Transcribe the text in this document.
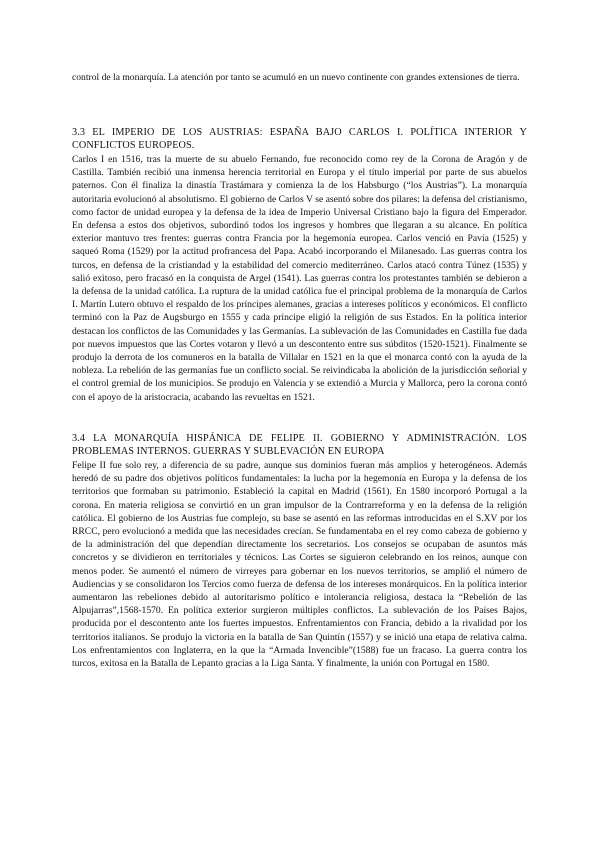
control de la monarquía. La atención por tanto se acumuló en un nuevo continente con grandes extensiones de tierra.

3.3 EL IMPERIO DE LOS AUSTRIAS: ESPAÑA BAJO CARLOS I. POLÍTICA INTERIOR Y CONFLICTOS EUROPEOS.

Carlos I en 1516, tras la muerte de su abuelo Fernando, fue reconocido como rey de la Corona de Aragón y de Castilla. También recibió una inmensa herencia territorial en Europa y el título imperial por parte de sus abuelos paternos. Con él finaliza la dinastía Trastámara y comienza la de los Habsburgo (“los Austrias”). La monarquía autoritaria evolucionó al absolutismo. El gobierno de Carlos V se asentó sobre dos pilares: la defensa del cristianismo, como factor de unidad europea y la defensa de la idea de Imperio Universal Cristiano bajo la figura del Emperador. En defensa a estos dos objetivos, subordinó todos los ingresos y hombres que llegaran a su alcance. En política exterior mantuvo tres frentes: guerras contra Francia por la hegemonía europea. Carlos venció en Pavía (1525) y saqueó Roma (1529) por la actitud profrancesa del Papa. Acabó incorporando el Milanesado. Las guerras contra los turcos, en defensa de la cristiandad y la estabilidad del comercio mediterráneo. Carlos atacó contra Túnez (1535) y salió exitoso, pero fracasó en la conquista de Argel (1541). Las guerras contra los protestantes también se debieron a la defensa de la unidad católica. La ruptura de la unidad católica fue el principal problema de la monarquía de Carlos I. Martín Lutero obtuvo el respaldo de los príncipes alemanes, gracias a intereses políticos y económicos. El conflicto terminó con la Paz de Augsburgo en 1555 y cada príncipe eligió la religión de sus Estados. En la política interior destacan los conflictos de las Comunidades y las Germanías. La sublevación de las Comunidades en Castilla fue dada por nuevos impuestos que las Cortes votaron y llevó a un descontento entre sus súbditos (1520-1521). Finalmente se produjo la derrota de los comuneros en la batalla de Villalar en 1521 en la que el monarca contó con la ayuda de la nobleza. La rebelión de las germanías fue un conflicto social. Se reivindicaba la abolición de la jurisdicción señorial y el control gremial de los municipios. Se produjo en Valencia y se extendió a Murcia y Mallorca, pero la corona contó con el apoyo de la aristocracia, acabando las revueltas en 1521.

3.4 LA MONARQUÍA HISPÁNICA DE FELIPE II. GOBIERNO Y ADMINISTRACIÓN. LOS PROBLEMAS INTERNOS. GUERRAS Y SUBLEVACIÓN EN EUROPA

Felipe II fue solo rey, a diferencia de su padre, aunque sus dominios fueran más amplios y heterogéneos. Además heredó de su padre dos objetivos políticos fundamentales: la lucha por la hegemonía en Europa y la defensa de los territorios que formaban su patrimonio. Estableció la capital en Madrid (1561). En 1580 incorporó Portugal a la corona. En materia religiosa se convirtió en un gran impulsor de la Contrarreforma y en la defensa de la religión católica. El gobierno de los Austrias fue complejo, su base se asentó en las reformas introducidas en el S.XV por los RRCC, pero evolucionó a medida que las necesidades crecían. Se fundamentaba en el rey como cabeza de gobierno y de la administración del que dependían directamente los secretarios. Los consejos se ocupaban de asuntos más concretos y se dividieron en territoriales y técnicos. Las Cortes se siguieron celebrando en los reinos, aunque con menos poder. Se aumentó el número de virreyes para gobernar en los nuevos territorios, se amplió el número de Audiencias y se consolidaron los Tercios como fuerza de defensa de los intereses monárquicos. En la política interior aumentaron las rebeliones debido al autoritarismo político e intolerancia religiosa, destaca la “Rebelión de las Alpujarras”,1568-1570. En política exterior surgieron múltiples conflictos. La sublevación de los Países Bajos, producida por el descontento ante los fuertes impuestos. Enfrentamientos con Francia, debido a la rivalidad por los territorios italianos. Se produjo la victoria en la batalla de San Quintín (1557) y se inició una etapa de relativa calma. Los enfrentamientos con Inglaterra, en la que la “Armada Invencible”(1588) fue un fracaso. La guerra contra los turcos, exitosa en la Batalla de Lepanto gracias a la Liga Santa. Y finalmente, la unión con Portugal en 1580.
